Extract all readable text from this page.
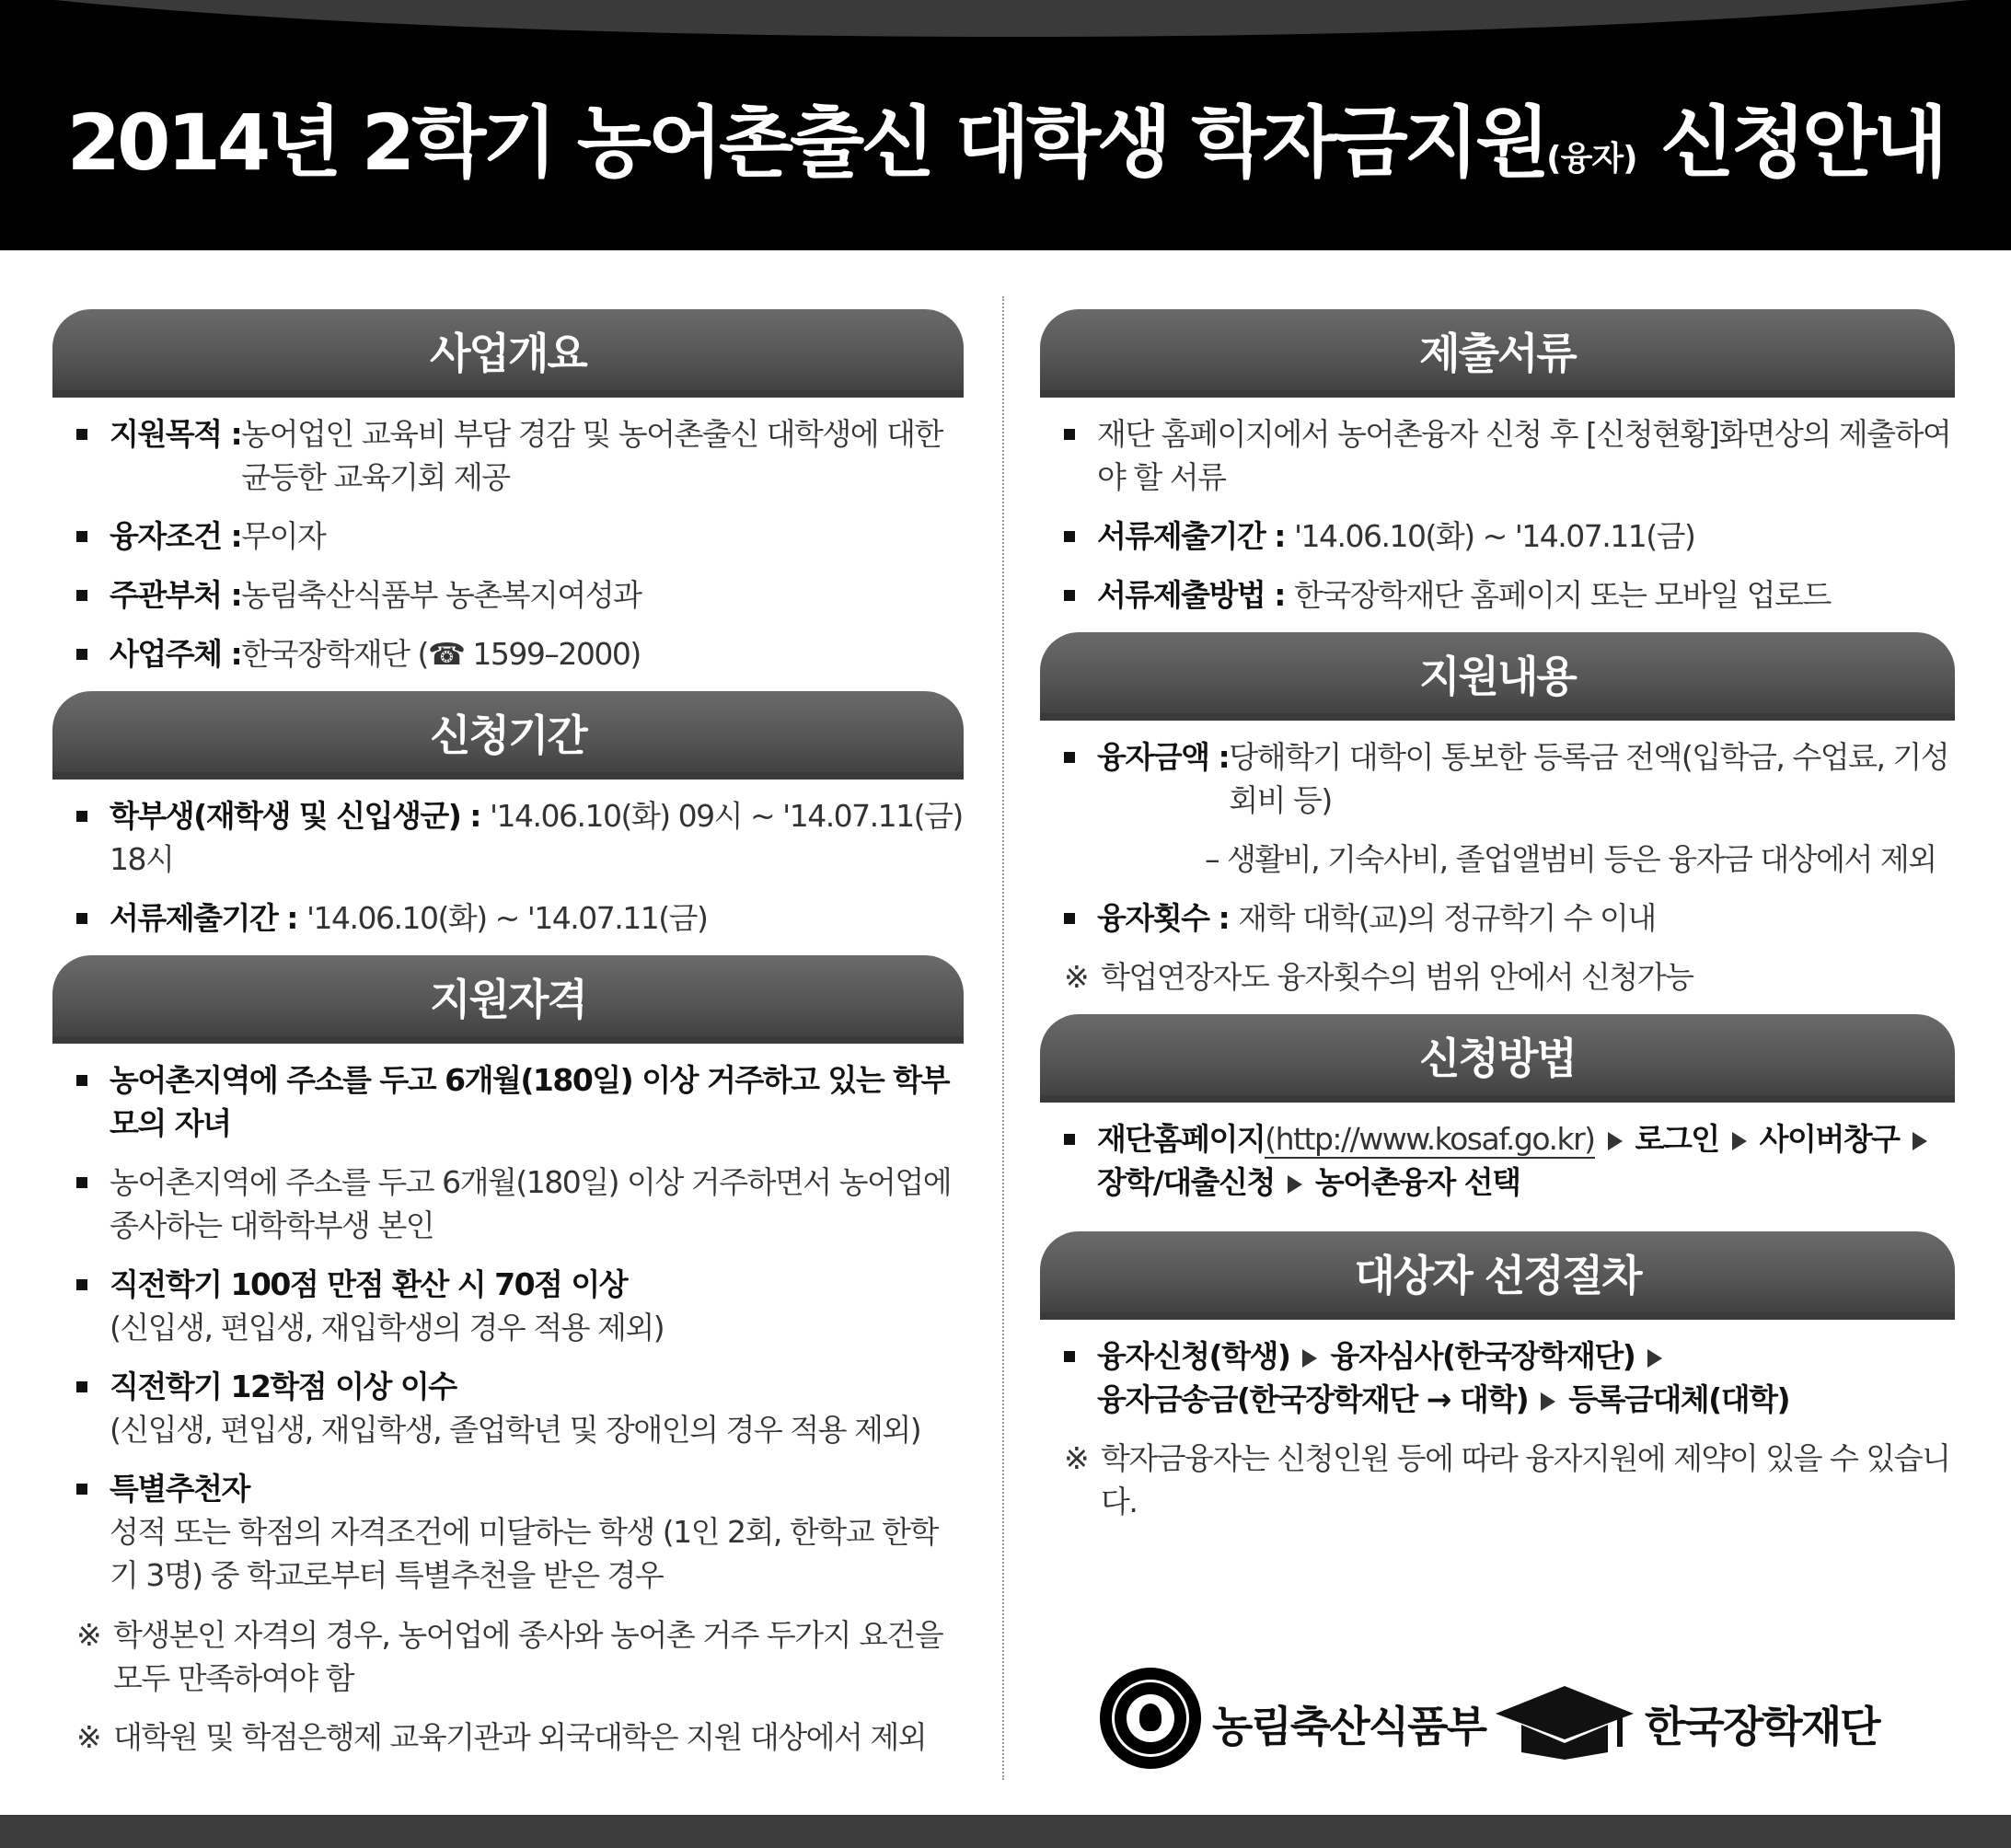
2014년 2학기 농어촌출신 대학생 학자금지원(융자) 신청안내
사업개요
지원목적 : 농어업인 교육비 부담 경감 및 농어촌출신 대학생에 대한 균등한 교육기회 제공
융자조건 : 무이자
주관부처 : 농림축산식품부 농촌복지여성과
사업주체 : 한국장학재단 (☎ 1599–2000)
신청기간
학부생(재학생 및 신입생군) : '14.06.10(화) 09시 ~ '14.07.11(금) 18시
서류제출기간 : '14.06.10(화) ~ '14.07.11(금)
지원자격
농어촌지역에 주소를 두고 6개월(180일) 이상 거주하고 있는 학부모의 자녀
농어촌지역에 주소를 두고 6개월(180일) 이상 거주하면서 농어업에 종사하는 대학학부생 본인
직전학기 100점 만점 환산 시 70점 이상
(신입생, 편입생, 재입학생의 경우 적용 제외)
직전학기 12학점 이상 이수
(신입생, 편입생, 재입학생, 졸업학년 및 장애인의 경우 적용 제외)
특별추천자
성적 또는 학점의 자격조건에 미달하는 학생 (1인 2회, 한학교 한학기 3명) 중 학교로부터 특별추천을 받은 경우
※ 학생본인 자격의 경우, 농어업에 종사와 농어촌 거주 두가지 요건을 모두 만족하여야 함
※ 대학원 및 학점은행제 교육기관과 외국대학은 지원 대상에서 제외
제출서류
재단 홈페이지에서 농어촌융자 신청 후 [신청현황]화면상의 제출하여야 할 서류
서류제출기간 : '14.06.10(화) ~ '14.07.11(금)
서류제출방법 : 한국장학재단 홈페이지 또는 모바일 업로드
지원내용
융자금액 : 당해학기 대학이 통보한 등록금 전액(입학금, 수업료, 기성회비 등)
– 생활비, 기숙사비, 졸업앨범비 등은 융자금 대상에서 제외
융자횟수 : 재학 대학(교)의 정규학기 수 이내
※ 학업연장자도 융자횟수의 범위 안에서 신청가능
신청방법
재단홈페이지(http://www.kosaf.go.kr) 로그인 사이버창구
장학/대출신청 농어촌융자 선택
대상자 선정절차
융자신청(학생) 융자심사(한국장학재단)
융자금송금(한국장학재단 → 대학) 등록금대체(대학)
※ 학자금융자는 신청인원 등에 따라 융자지원에 제약이 있을 수 있습니다.
농림축산식품부	한국장학재단
